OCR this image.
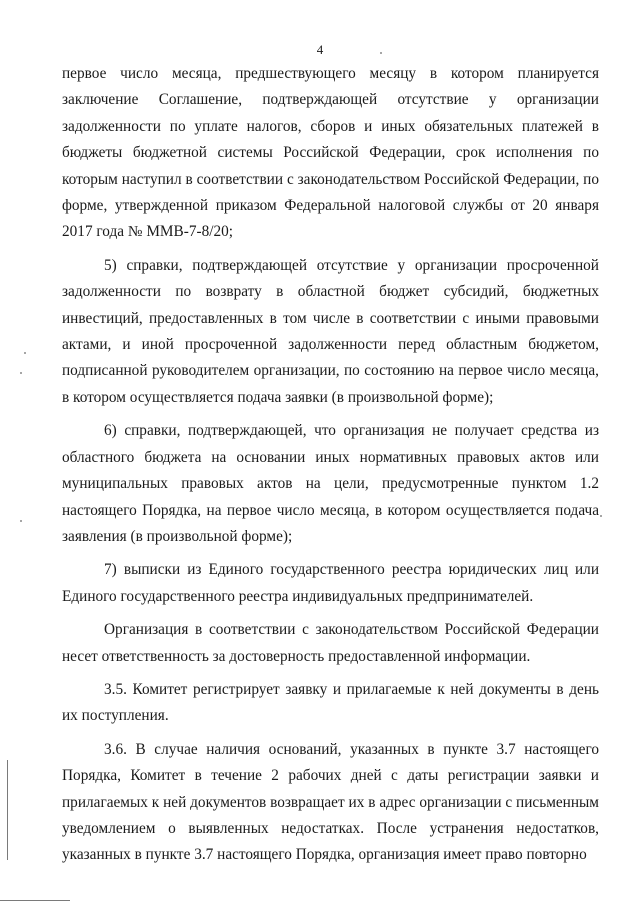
4

первое число месяца, предшествующего месяцу в котором планируется заключение Соглашение, подтверждающей отсутствие у организации задолженности по уплате налогов, сборов и иных обязательных платежей в бюджеты бюджетной системы Российской Федерации, срок исполнения по которым наступил в соответствии с законодательством Российской Федерации, по форме, утвержденной приказом Федеральной налоговой службы от 20 января 2017 года № ММВ-7-8/20;

5) справки, подтверждающей отсутствие у организации просроченной задолженности по возврату в областной бюджет субсидий, бюджетных инвестиций, предоставленных в том числе в соответствии с иными правовыми актами, и иной просроченной задолженности перед областным бюджетом, подписанной руководителем организации, по состоянию на первое число месяца, в котором осуществляется подача заявки (в произвольной форме);

6) справки, подтверждающей, что организация не получает средства из областного бюджета на основании иных нормативных правовых актов или муниципальных правовых актов на цели, предусмотренные пунктом 1.2 настоящего Порядка, на первое число месяца, в котором осуществляется подача заявления (в произвольной форме);

7) выписки из Единого государственного реестра юридических лиц или Единого государственного реестра индивидуальных предпринимателей.

Организация в соответствии с законодательством Российской Федерации несет ответственность за достоверность предоставленной информации.

3.5. Комитет регистрирует заявку и прилагаемые к ней документы в день их поступления.

3.6. В случае наличия оснований, указанных в пункте 3.7 настоящего Порядка, Комитет в течение 2 рабочих дней с даты регистрации заявки и прилагаемых к ней документов возвращает их в адрес организации с письменным уведомлением о выявленных недостатках. После устранения недостатков, указанных в пункте 3.7 настоящего Порядка, организация имеет право повторно
